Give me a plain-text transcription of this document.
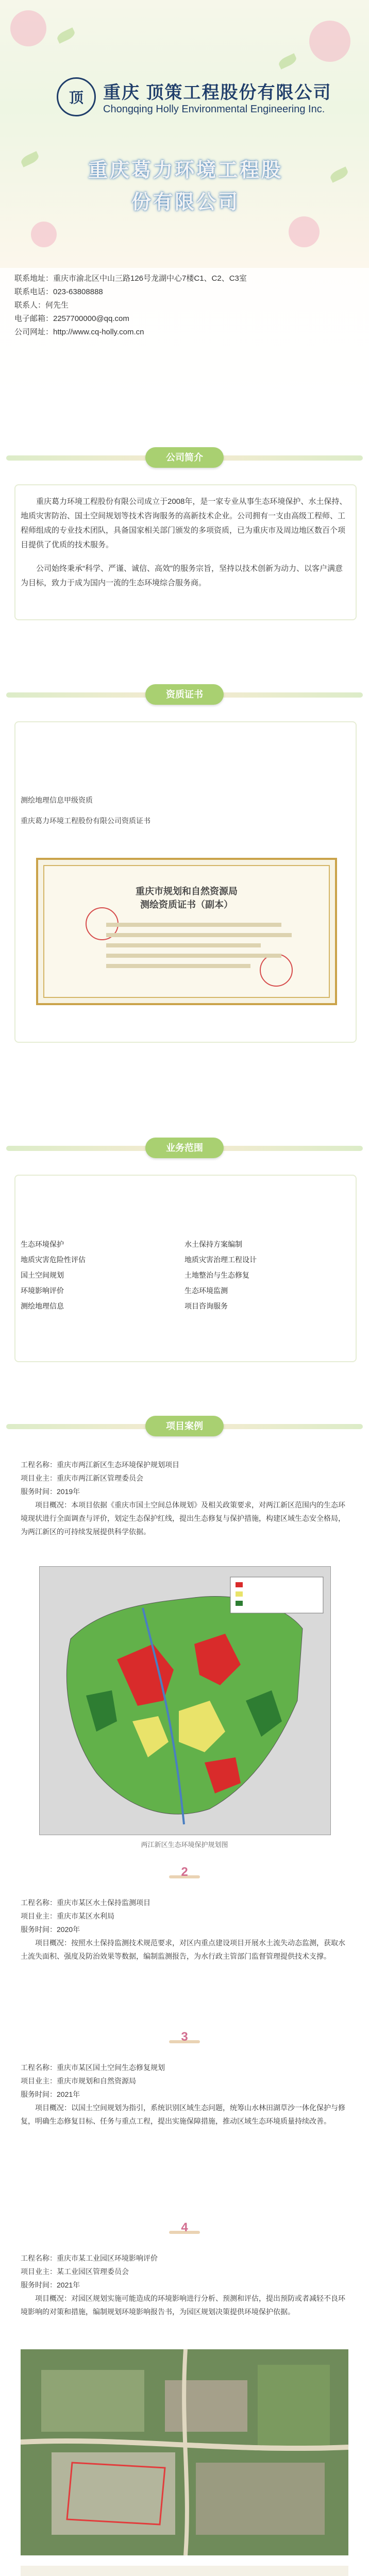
顶	重庆 顶策工程股份有限公司
Chongqing Holly Environmental Engineering Inc.
重庆葛力环境工程股
份有限公司
联系地址：重庆市渝北区中山三路126号龙湖中心7楼C1、C2、C3室
联系电话：023-63808888
联系人：何先生
电子邮箱：2257700000@qq.com
公司网址：http://www.cq-holly.com.cn
公司简介
重庆葛力环境工程股份有限公司成立于2008年，是一家专业从事生态环境保护、水土保持、地质灾害防治、国土空间规划等技术咨询服务的高新技术企业。公司拥有一支由高级工程师、工程师组成的专业技术团队，具备国家相关部门颁发的多项资质，已为重庆市及周边地区数百个项目提供了优质的技术服务。
公司始终秉承“科学、严谨、诚信、高效”的服务宗旨，坚持以技术创新为动力、以客户满意为目标，致力于成为国内一流的生态环境综合服务商。
资质证书
测绘地理信息甲级资质
重庆葛力环境工程股份有限公司资质证书
重庆市规划和自然资源局
测绘资质证书（副本）
业务范围
生态环境保护	水土保持方案编制
地质灾害危险性评估	地质灾害治理工程设计
国土空间规划	土地整治与生态修复
环境影响评价	生态环境监测
测绘地理信息	项目咨询服务
项目案例
工程名称：重庆市两江新区生态环境保护规划项目
项目业主：重庆市两江新区管理委员会
服务时间：2019年
项目概况：本项目依据《重庆市国土空间总体规划》及相关政策要求，对两江新区范围内的生态环境现状进行全面调查与评价，划定生态保护红线，提出生态修复与保护措施，构建区域生态安全格局，为两江新区的可持续发展提供科学依据。
两江新区生态环境保护规划图
2
工程名称：重庆市某区水土保持监测项目
项目业主：重庆市某区水利局
服务时间：2020年
项目概况：按照水土保持监测技术规范要求，对区内重点建设项目开展水土流失动态监测，获取水土流失面积、强度及防治效果等数据，编制监测报告，为水行政主管部门监督管理提供技术支撑。
3
工程名称：重庆市某区国土空间生态修复规划
项目业主：重庆市规划和自然资源局
服务时间：2021年
项目概况：以国土空间规划为指引，系统识别区域生态问题，统筹山水林田湖草沙一体化保护与修复，明确生态修复目标、任务与重点工程，提出实施保障措施，推动区域生态环境质量持续改善。
4
工程名称：重庆市某工业园区环境影响评价
项目业主：某工业园区管理委员会
服务时间：2021年
项目概况：对园区规划实施可能造成的环境影响进行分析、预测和评估，提出预防或者减轻不良环境影响的对策和措施，编制规划环境影响报告书，为园区规划决策提供环境保护依据。
